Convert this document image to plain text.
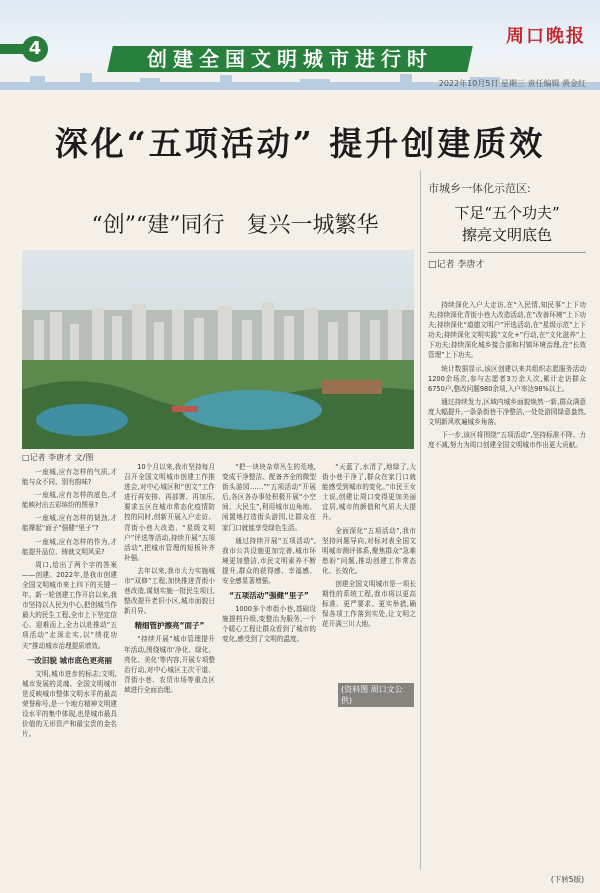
4	创建全国文明城市进行时
周口晚报
2022年10月5日 星期三 责任编辑 黄金红
深化“五项活动” 提升创建质效
“创”“建”同行　复兴一城繁华
(资料图 周口文公供)
市城乡一体化示范区:
下足“五个功夫”
擦亮文明底色
□记者 李唐才
□记者 李唐才 文/图

一座城,应有怎样的气质,才能与众不同、别有韵味?

一座城,应有怎样的底色,才能映衬出五彩缤纷的图景?

一座城,应有怎样的韧劲,才能撑起“面子”强健“里子”?

一座城,应有怎样的作为,才能提升品位、铸就文明风采?

周口,给出了两个字的答案——创建。2022年,是我市创建全国文明城市来上四下的关键一年。新一轮创建工作开启以来,我市坚持以人民为中心,把创城当作最大的民生工程,全市上下坚定信心、迎难而上,全力以赴推动“五项活动”走深走实,以“绣花功夫”推动城市治理提质增效。

一改旧貌 城市底色更亮丽

文明,城市进步的标志;文明,城市发展的灵魂。全国文明城市是反映城市整体文明水平的最高荣誉称号,是一个地方精神文明建设水平的集中体现,也是城市最具价值的无形资产和最宝贵的金名片。

10个月以来,我市坚持每月召开全国文明城市创建工作推进会,对中心城区和“创文”工作进行再安排、再部署、再加压,要求五区在城市常态化疫情防控的同时,创新开展入户走访、背街小巷大改造、“星级文明户”评选等活动,持续开展“五项活动”,把城市管理的短板补齐补强。

去年以来,我市大力实施城市“双修”工程,加快推进背街小巷改造,谋划实施一批民生项目,整改提升老旧小区,城市面貌日新月异。

精细管护擦亮“面子”

“持续开展”城市管理提升年活动,围绕城市‘净化、绿化、亮化、美化’等内容,开展专项整治行动,对中心城区主次干道、背街小巷、农贸市场等重点区域进行全面治理。

“把一块块杂草丛生的荒地,变成干净整洁、配备齐全的微型街头游园……”“五项活动”开展后,各区各办事处积极开展“小空间、大民生”,利用城市边角地、闲置地打造街头游园,让群众在家门口就能享受绿色生活。

通过持续开展“五项活动”,我市公共设施更加完善,城市环境更加整洁,市民文明素养不断提升,群众的获得感、幸福感、安全感显著增强。

“五项活动”强健“里子”

1000多个串街小巷,基础设施提档升级,变整治为服务,一个个暖心工程让群众看到了城市的变化,感受到了文明的温度。

“天蓝了,水清了,地绿了,大街小巷干净了,群众在家门口就能感受到城市的变化。”市民王女士说,创建让周口变得更加美丽宜居,城市的颜值和气质大大提升。

全面深化“五项活动”,我市坚持问题导向,对标对表全国文明城市测评体系,聚焦群众“急难愁盼”问题,推动创建工作常态化、长效化。

创建全国文明城市是一项长期性的系统工程,我市将以更高标准、更严要求、更实举措,确保各项工作落到实处,让文明之花开满三川大地。

持续深化入户大走访,在“入民情,知民事”上下功夫;持续深化背街小巷大改造活动,在“改善环境”上下功夫;持续深化“道德文明户”评选活动,在“星级示范”上下功夫;持续深化文明实践“文化+”行动,在“文化滋养”上下功夫;持续深化城乡接合部和村镇环境治理,在“长效管理”上下功夫。

统计数据显示,该区创建以来共组织志愿服务活动1200余场次,参与志愿者3万余人次,累计走访群众6750户,整改问题980余项,入户率达98%以上。

通过持续发力,区域内城乡面貌焕然一新,群众满意度大幅提升,一条条街巷干净整洁,一处处游园绿意盎然,文明新风吹遍城乡角落。

下一步,该区将围绕“五项活动”,坚持标准不降、力度不减,努力为周口创建全国文明城市作出更大贡献。

(下转5版)
